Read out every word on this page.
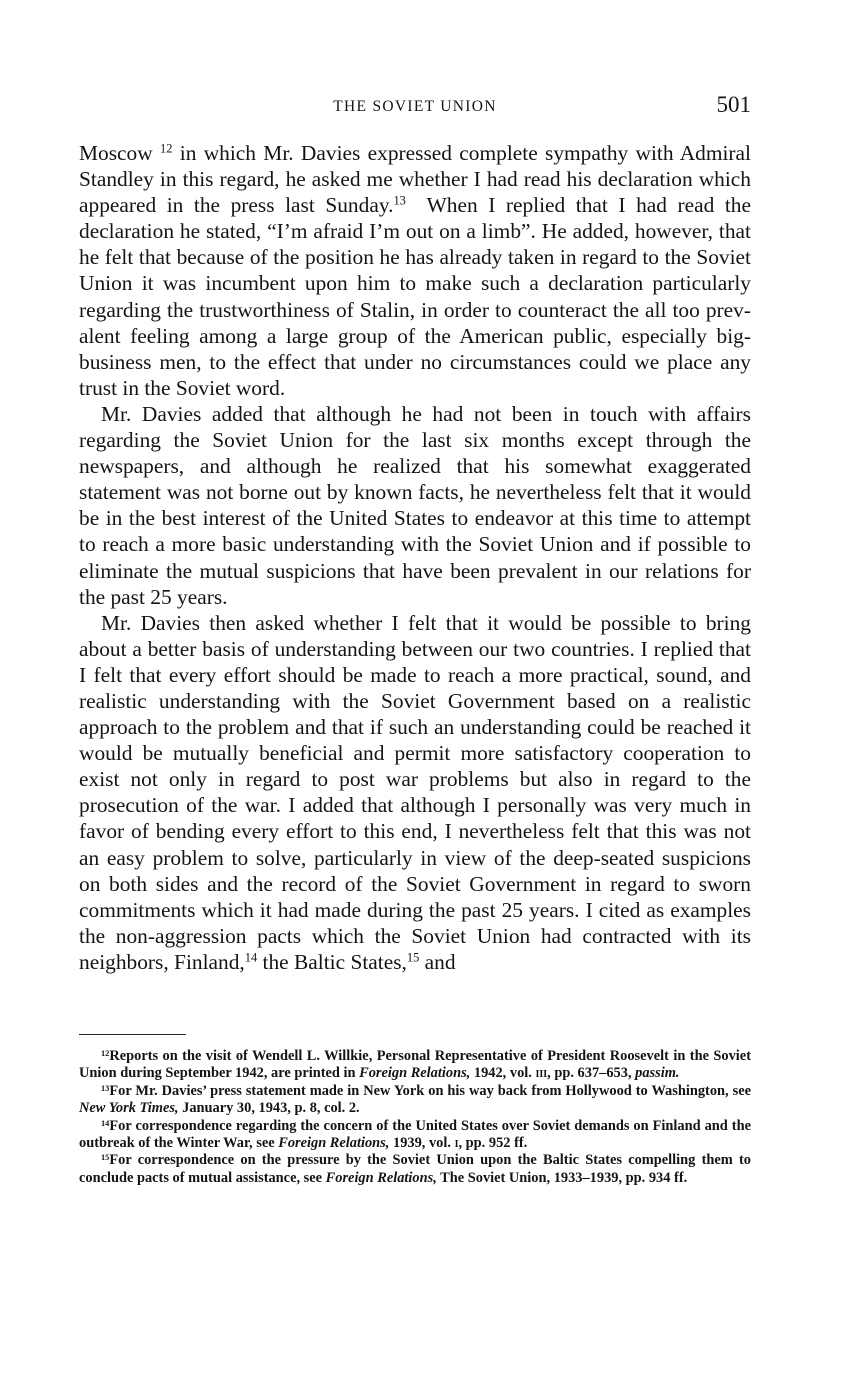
THE SOVIET UNION	501

Moscow $^{12}$ in which Mr. Davies expressed complete sympathy with Admiral Standley in this regard, he asked me whether I had read his declaration which appeared in the press last Sunday.$^{13}$ When I replied that I had read the declaration he stated, “I’m afraid I’m out on a limb”. He added, however, that he felt that because of the position he has already taken in regard to the Soviet Union it was incumbent upon him to make such a declaration particularly regarding the trustworthiness of Stalin, in order to counteract the all too prevalent feeling among a large group of the American public, especially big-business men, to the effect that under no circumstances could we place any trust in the Soviet word.

Mr. Davies added that although he had not been in touch with affairs regarding the Soviet Union for the last six months except through the newspapers, and although he realized that his somewhat exaggerated statement was not borne out by known facts, he nevertheless felt that it would be in the best interest of the United States to endeavor at this time to attempt to reach a more basic understanding with the Soviet Union and if possible to eliminate the mutual suspicions that have been prevalent in our relations for the past 25 years.

Mr. Davies then asked whether I felt that it would be possible to bring about a better basis of understanding between our two countries. I replied that I felt that every effort should be made to reach a more practical, sound, and realistic understanding with the Soviet Government based on a realistic approach to the problem and that if such an understanding could be reached it would be mutually beneficial and permit more satisfactory cooperation to exist not only in regard to post war problems but also in regard to the prosecution of the war. I added that although I personally was very much in favor of bending every effort to this end, I nevertheless felt that this was not an easy problem to solve, particularly in view of the deep-seated suspicions on both sides and the record of the Soviet Government in regard to sworn commitments which it had made during the past 25 years. I cited as examples the non-aggression pacts which the Soviet Union had contracted with its neighbors, Finland,$^{14}$ the Baltic States,$^{15}$ and

$^{12}$Reports on the visit of Wendell L. Willkie, Personal Representative of President Roosevelt in the Soviet Union during September 1942, are printed in Foreign Relations, 1942, vol. iii, pp. 637–653, passim.

$^{13}$For Mr. Davies’ press statement made in New York on his way back from Hollywood to Washington, see New York Times, January 30, 1943, p. 8, col. 2.

$^{14}$For correspondence regarding the concern of the United States over Soviet demands on Finland and the outbreak of the Winter War, see Foreign Relations, 1939, vol. i, pp. 952 ff.

$^{15}$For correspondence on the pressure by the Soviet Union upon the Baltic States compelling them to conclude pacts of mutual assistance, see Foreign Relations, The Soviet Union, 1933–1939, pp. 934 ff.
